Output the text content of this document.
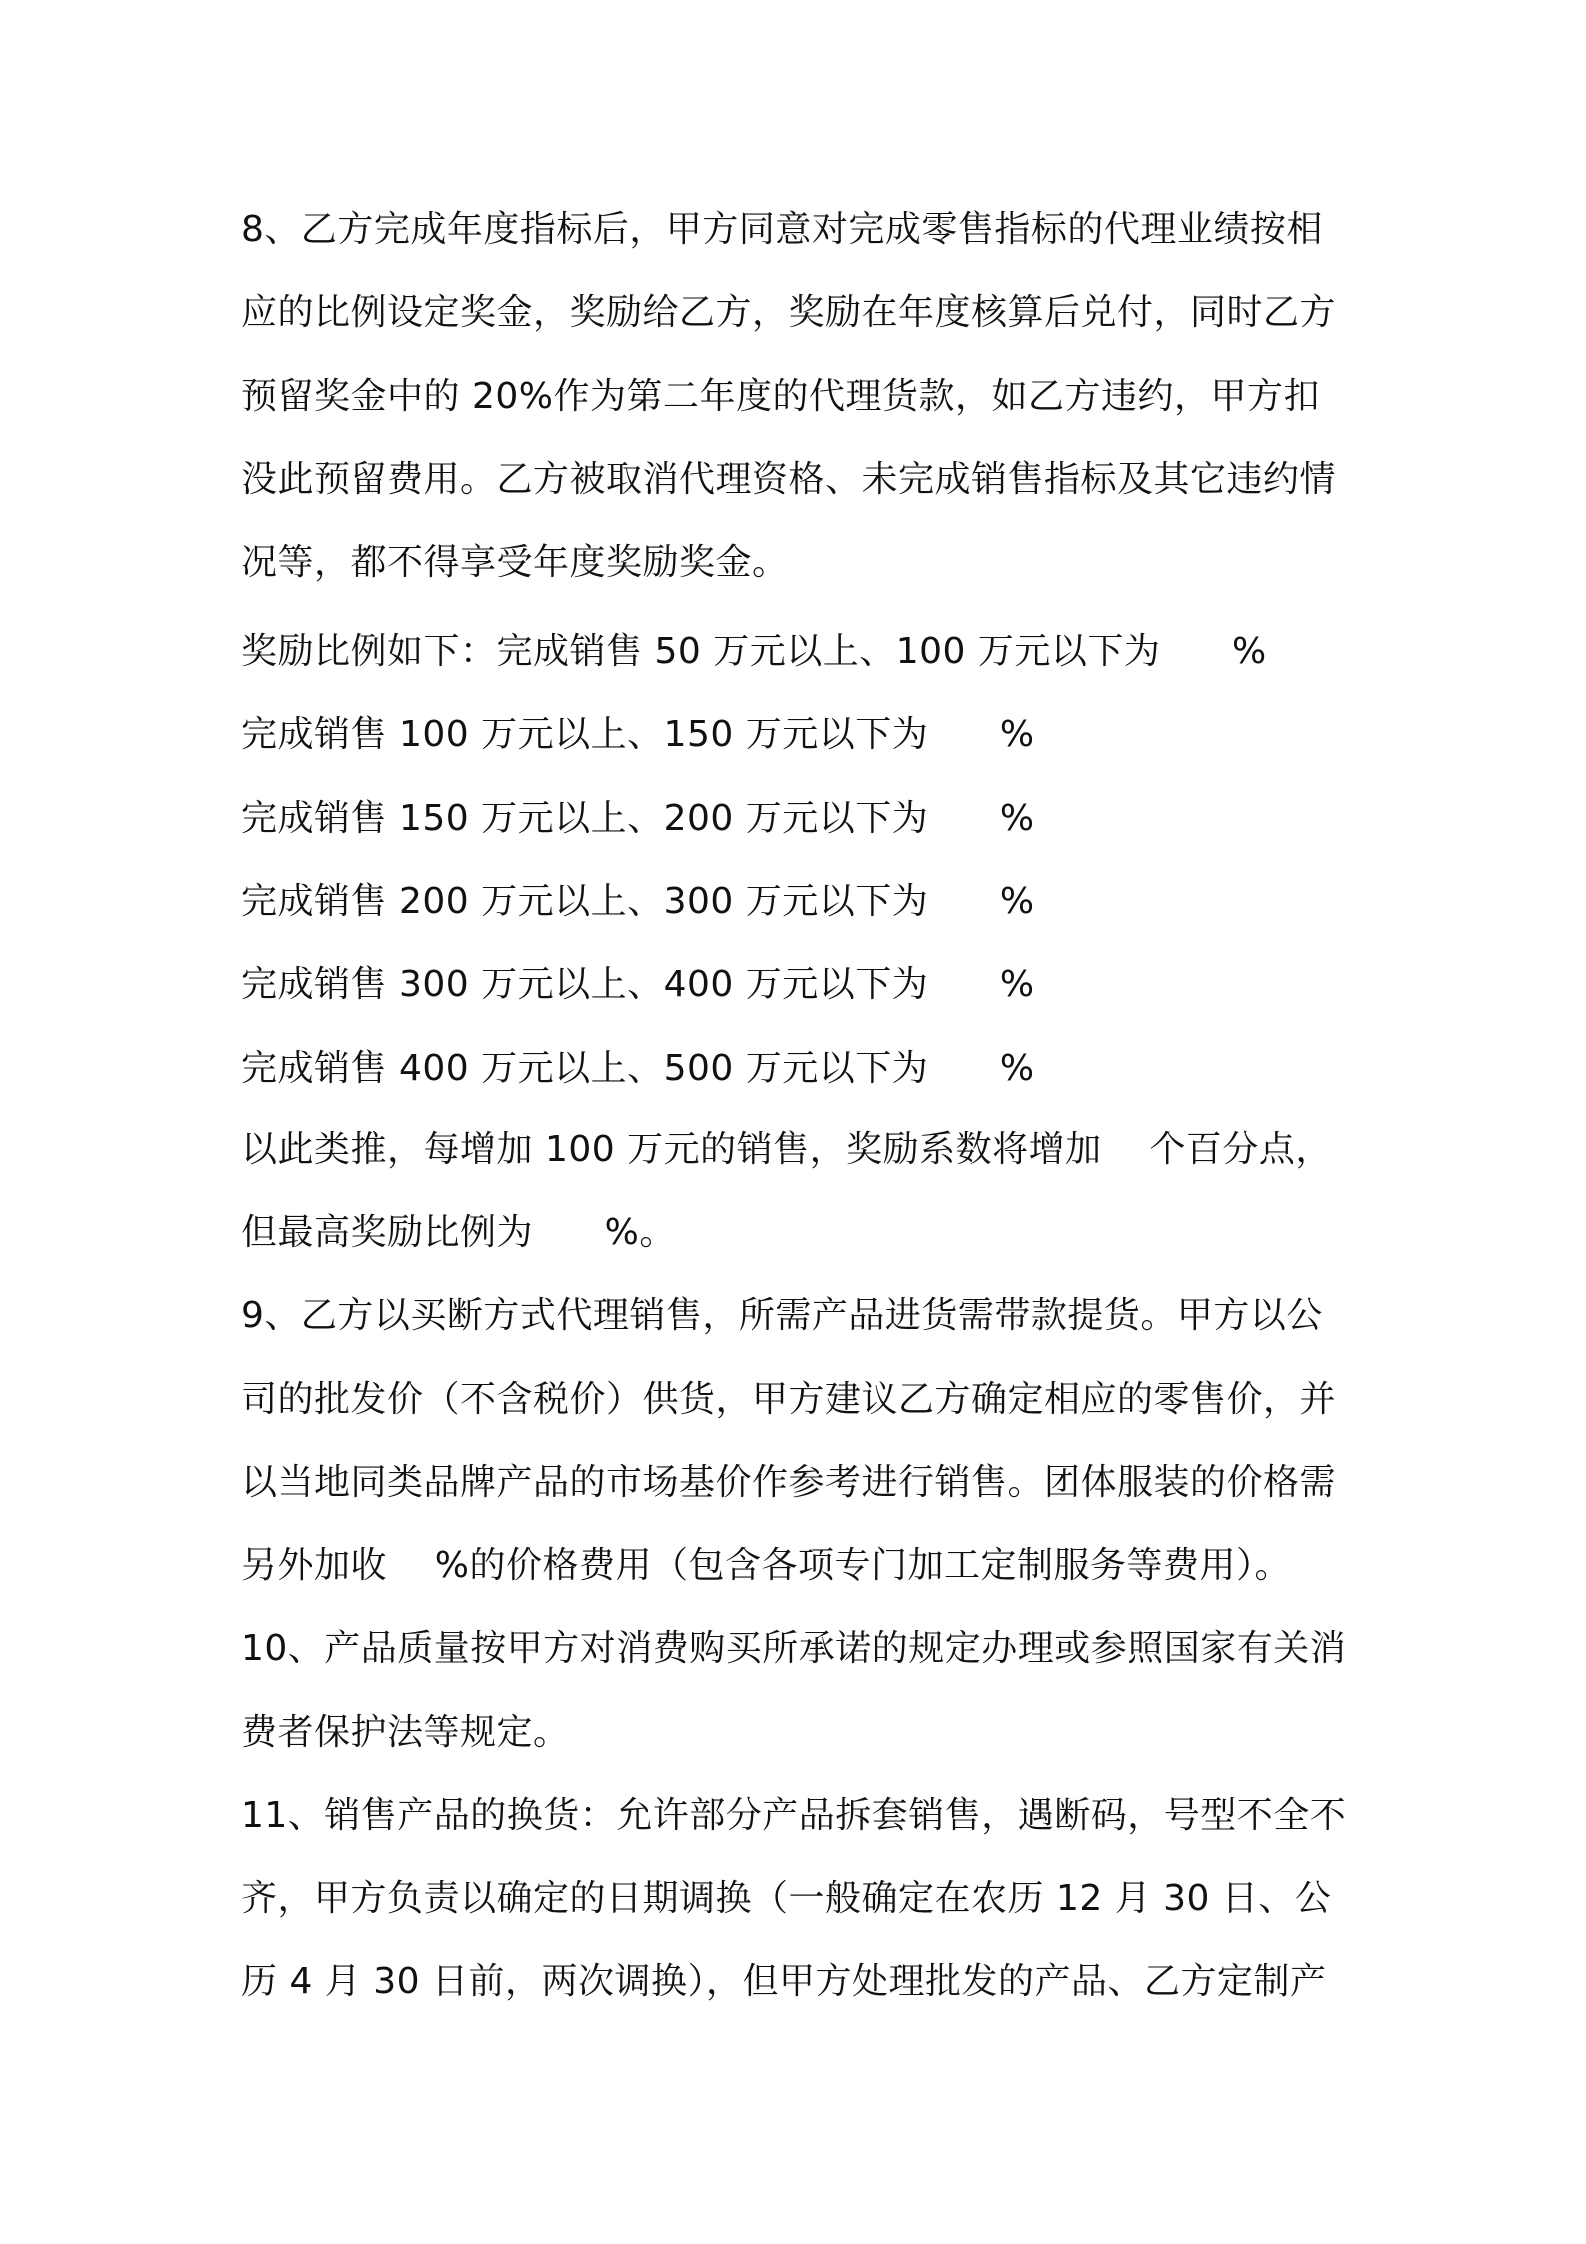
8、乙方完成年度指标后，甲方同意对完成零售指标的代理业绩按相
应的比例设定奖金，奖励给乙方，奖励在年度核算后兑付，同时乙方
预留奖金中的 20%作为第二年度的代理货款，如乙方违约，甲方扣
没此预留费用。乙方被取消代理资格、未完成销售指标及其它违约情
况等，都不得享受年度奖励奖金。
奖励比例如下：完成销售 50 万元以上、100 万元以下为      %
完成销售 100 万元以上、150 万元以下为      %
完成销售 150 万元以上、200 万元以下为      %
完成销售 200 万元以上、300 万元以下为      %
完成销售 300 万元以上、400 万元以下为      %
完成销售 400 万元以上、500 万元以下为      %
以此类推，每增加 100 万元的销售，奖励系数将增加    个百分点，
但最高奖励比例为      %。
9、乙方以买断方式代理销售，所需产品进货需带款提货。甲方以公
司的批发价（不含税价）供货，甲方建议乙方确定相应的零售价，并
以当地同类品牌产品的市场基价作参考进行销售。团体服装的价格需
另外加收    %的价格费用（包含各项专门加工定制服务等费用）。
10、产品质量按甲方对消费购买所承诺的规定办理或参照国家有关消
费者保护法等规定。
11、销售产品的换货：允许部分产品拆套销售，遇断码，号型不全不
齐，甲方负责以确定的日期调换（一般确定在农历 12 月 30 日、公
历 4 月 30 日前，两次调换），但甲方处理批发的产品、乙方定制产
